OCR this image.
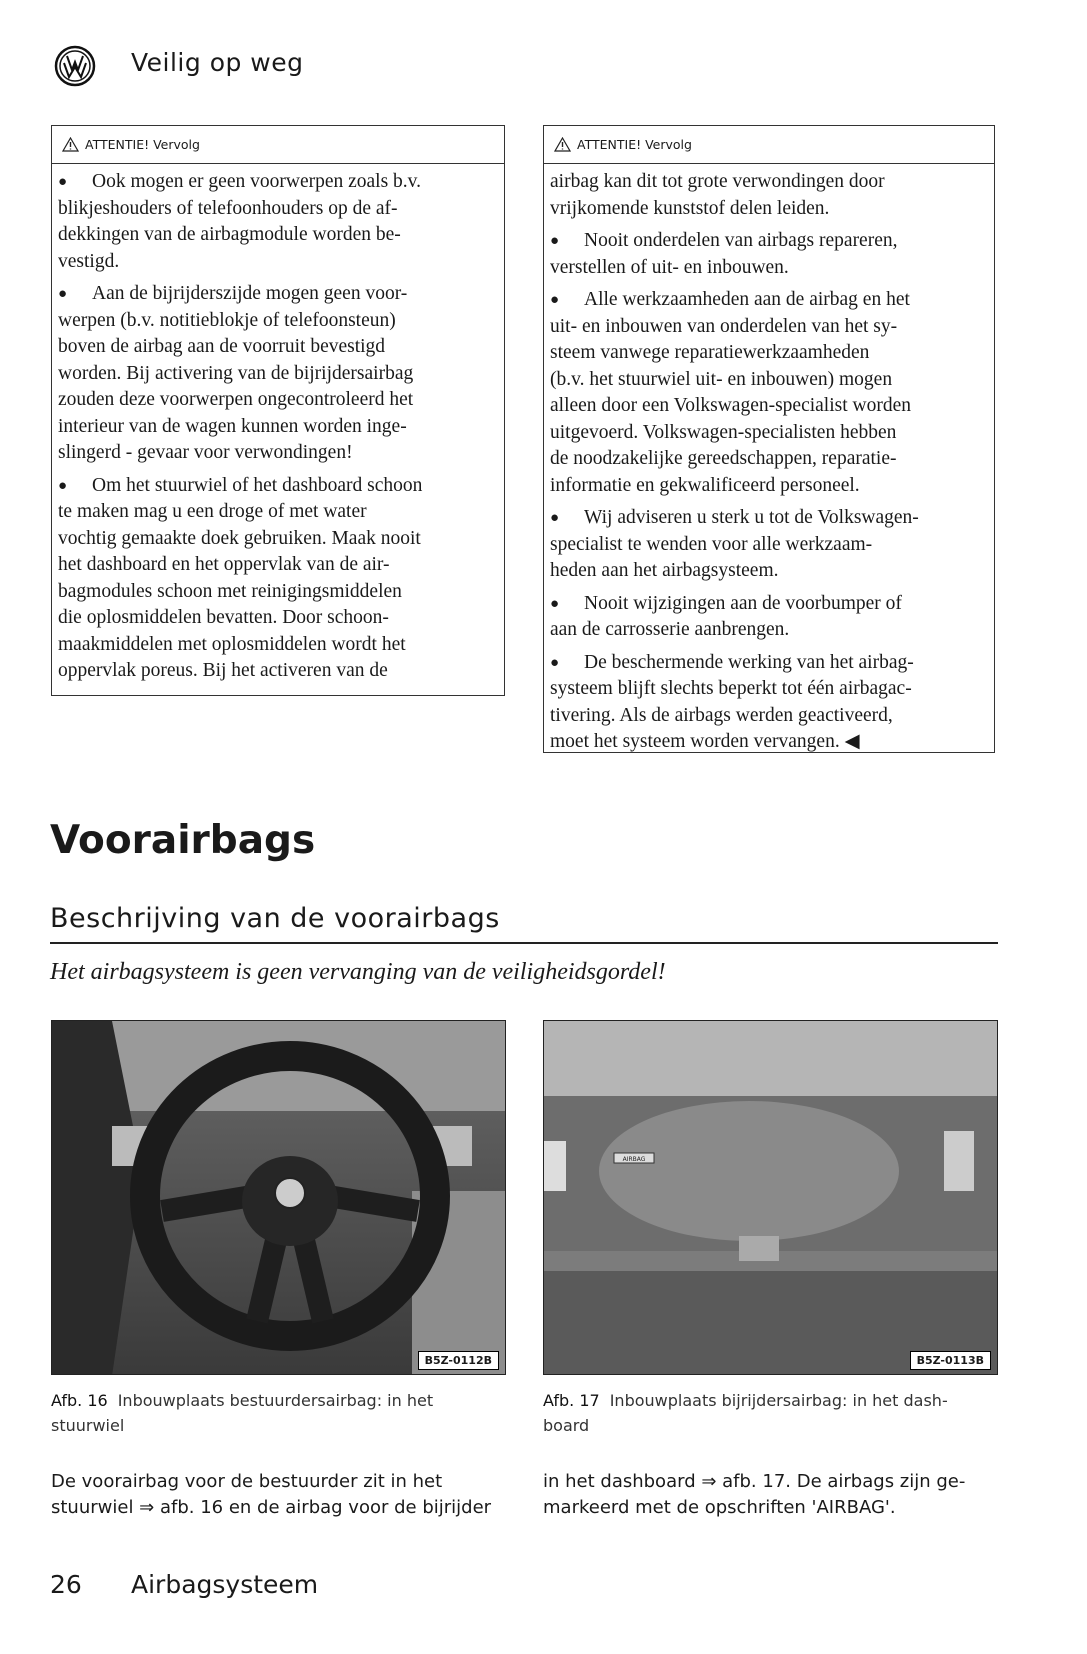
Veilig op weg
ATTENTIE! Vervolg
● Ook mogen er geen voorwerpen zoals b.v.
blikjeshouders of telefoonhouders op de af-
dekkingen van de airbagmodule worden be-
vestigd.
● Aan de bijrijderszijde mogen geen voor-
werpen (b.v. notitieblokje of telefoonsteun)
boven de airbag aan de voorruit bevestigd
worden. Bij activering van de bijrijdersairbag
zouden deze voorwerpen ongecontroleerd het
interieur van de wagen kunnen worden inge-
slingerd - gevaar voor verwondingen!
● Om het stuurwiel of het dashboard schoon
te maken mag u een droge of met water
vochtig gemaakte doek gebruiken. Maak nooit
het dashboard en het oppervlak van de air-
bagmodules schoon met reinigingsmiddelen
die oplosmiddelen bevatten. Door schoon-
maakmiddelen met oplosmiddelen wordt het
oppervlak poreus. Bij het activeren van de
ATTENTIE! Vervolg
airbag kan dit tot grote verwondingen door
vrijkomende kunststof delen leiden.
● Nooit onderdelen van airbags repareren,
verstellen of uit- en inbouwen.
● Alle werkzaamheden aan de airbag en het
uit- en inbouwen van onderdelen van het sy-
steem vanwege reparatiewerkzaamheden
(b.v. het stuurwiel uit- en inbouwen) mogen
alleen door een Volkswagen-specialist worden
uitgevoerd. Volkswagen-specialisten hebben
de noodzakelijke gereedschappen, reparatie-
informatie en gekwalificeerd personeel.
● Wij adviseren u sterk u tot de Volkswagen-
specialist te wenden voor alle werkzaam-
heden aan het airbagsysteem.
● Nooit wijzigingen aan de voorbumper of
aan de carrosserie aanbrengen.
● De beschermende werking van het airbag-
systeem blijft slechts beperkt tot één airbagac-
tivering. Als de airbags werden geactiveerd,
moet het systeem worden vervangen. ◀
Voorairbags
Beschrijving van de voorairbags
Het airbagsysteem is geen vervanging van de veiligheidsgordel!
B5Z-0112B
AIRBAG
B5Z-0113B
Afb. 16 Inbouwplaats bestuurdersairbag: in het
stuurwiel
Afb. 17 Inbouwplaats bijrijdersairbag: in het dash-
board
De voorairbag voor de bestuurder zit in het
stuurwiel ⇒ afb. 16 en de airbag voor de bijrijder
in het dashboard ⇒ afb. 17. De airbags zijn ge-
markeerd met de opschriften 'AIRBAG'.
26 Airbagsysteem
